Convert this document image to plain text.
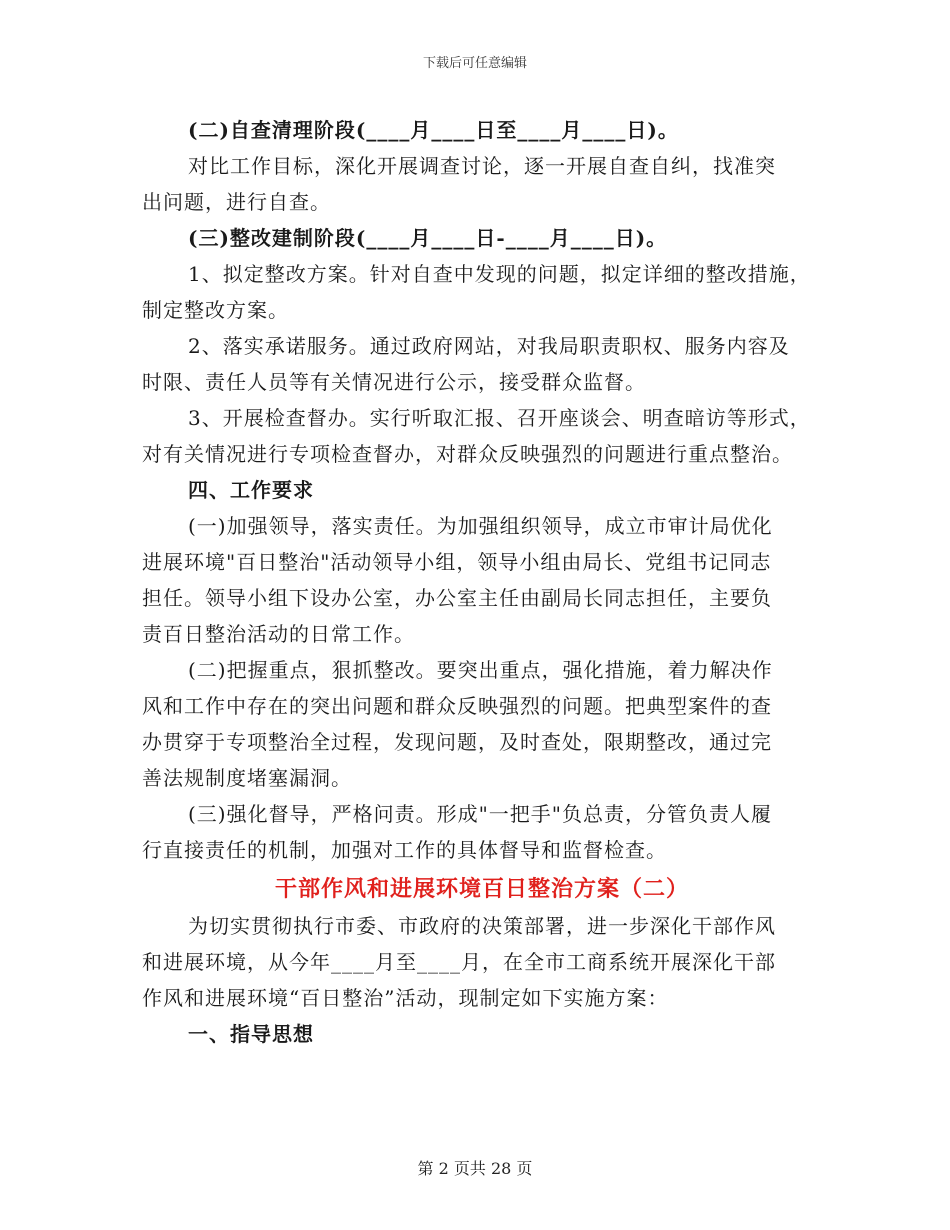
下载后可任意编辑

(二)自查清理阶段(____月____日至____月____日)。

对比工作目标，深化开展调查讨论，逐一开展自查自纠，找准突

出问题，进行自查。

(三)整改建制阶段(____月____日-____月____日)。

1、拟定整改方案。针对自查中发现的问题，拟定详细的整改措施，

制定整改方案。

2、落实承诺服务。通过政府网站，对我局职责职权、服务内容及

时限、责任人员等有关情况进行公示，接受群众监督。

3、开展检查督办。实行听取汇报、召开座谈会、明查暗访等形式，

对有关情况进行专项检查督办，对群众反映强烈的问题进行重点整治。

四、工作要求

(一)加强领导，落实责任。为加强组织领导，成立市审计局优化

进展环境"百日整治"活动领导小组，领导小组由局长、党组书记同志

担任。领导小组下设办公室，办公室主任由副局长同志担任，主要负

责百日整治活动的日常工作。

(二)把握重点，狠抓整改。要突出重点，强化措施，着力解决作

风和工作中存在的突出问题和群众反映强烈的问题。把典型案件的查

办贯穿于专项整治全过程，发现问题，及时查处，限期整改，通过完

善法规制度堵塞漏洞。

(三)强化督导，严格问责。形成"一把手"负总责，分管负责人履

行直接责任的机制，加强对工作的具体督导和监督检查。

干部作风和进展环境百日整治方案（二）

为切实贯彻执行市委、市政府的决策部署，进一步深化干部作风

和进展环境，从今年____月至____月，在全市工商系统开展深化干部

作风和进展环境“百日整治”活动，现制定如下实施方案：

一、指导思想

第 2 页共 28 页
